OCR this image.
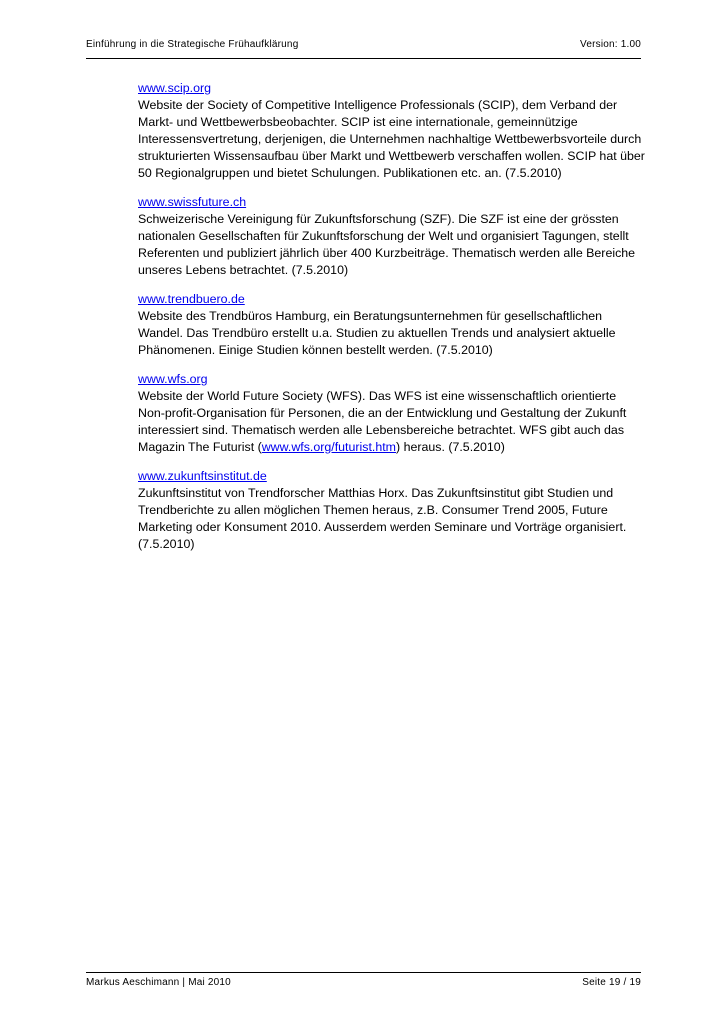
Einführung in die Strategische Frühaufklärung	Version: 1.00

www.scip.org
Website der Society of Competitive Intelligence Professionals (SCIP), dem Verband der Markt- und Wettbewerbsbeobachter. SCIP ist eine internationale, gemeinnützige Interessensvertretung, derjenigen, die Unternehmen nachhaltige Wettbewerbsvorteile durch strukturierten Wissensaufbau über Markt und Wettbewerb verschaffen wollen. SCIP hat über 50 Regionalgruppen und bietet Schulungen. Publikationen etc. an. (7.5.2010)

www.swissfuture.ch
Schweizerische Vereinigung für Zukunftsforschung (SZF). Die SZF ist eine der grössten nationalen Gesellschaften für Zukunftsforschung der Welt und organisiert Tagungen, stellt Referenten und publiziert jährlich über 400 Kurzbeiträge. Thematisch werden alle Bereiche unseres Lebens betrachtet. (7.5.2010)

www.trendbuero.de
Website des Trendbüros Hamburg, ein Beratungsunternehmen für gesellschaftlichen Wandel. Das Trendbüro erstellt u.a. Studien zu aktuellen Trends und analysiert aktuelle Phänomenen. Einige Studien können bestellt werden. (7.5.2010)

www.wfs.org
Website der World Future Society (WFS). Das WFS ist eine wissenschaftlich orientierte Non-profit-Organisation für Personen, die an der Entwicklung und Gestaltung der Zukunft interessiert sind. Thematisch werden alle Lebensbereiche betrachtet. WFS gibt auch das Magazin The Futurist (www.wfs.org/futurist.htm) heraus. (7.5.2010)

www.zukunftsinstitut.de
Zukunftsinstitut von Trendforscher Matthias Horx. Das Zukunftsinstitut gibt Studien und Trendberichte zu allen möglichen Themen heraus, z.B. Consumer Trend 2005, Future Marketing oder Konsument 2010. Ausserdem werden Seminare und Vorträge organisiert. (7.5.2010)

Markus Aeschimann | Mai 2010	Seite 19 / 19
